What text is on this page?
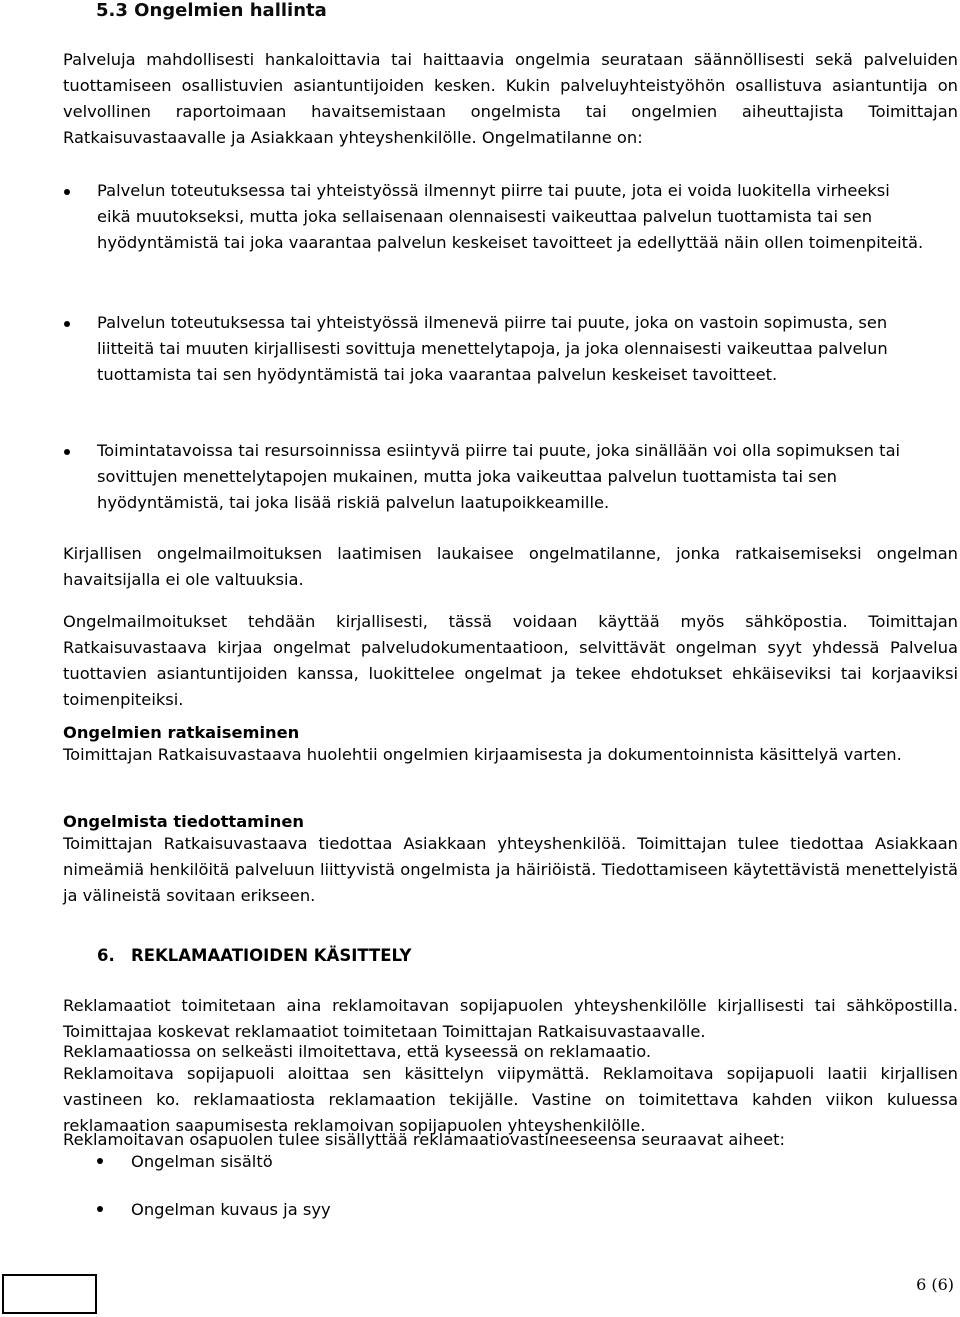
5.3 Ongelmien hallinta
Palveluja mahdollisesti hankaloittavia tai haittaavia ongelmia seurataan säännöllisesti sekä palveluiden tuottamiseen osallistuvien asiantuntijoiden kesken. Kukin palveluyhteistyöhön osallistuva asiantuntija on velvollinen raportoimaan havaitsemistaan ongelmista tai ongelmien aiheuttajista Toimittajan Ratkaisuvastaavalle ja Asiakkaan yhteyshenkilölle. Ongelmatilanne on:
Palvelun toteutuksessa tai yhteistyössä ilmennyt piirre tai puute, jota ei voida luokitella virheeksi eikä muutokseksi, mutta joka sellaisenaan olennaisesti vaikeuttaa palvelun tuottamista tai sen hyödyntämistä tai joka vaarantaa palvelun keskeiset tavoitteet ja edellyttää näin ollen toimenpiteitä.
Palvelun toteutuksessa tai yhteistyössä ilmenevä piirre tai puute, joka on vastoin sopimusta, sen liitteitä tai muuten kirjallisesti sovittuja menettelytapoja, ja joka olennaisesti vaikeuttaa palvelun tuottamista tai sen hyödyntämistä tai joka vaarantaa palvelun keskeiset tavoitteet.
Toimintatavoissa tai resursoinnissa esiintyvä piirre tai puute, joka sinällään voi olla sopimuksen tai sovittujen menettelytapojen mukainen, mutta joka vaikeuttaa palvelun tuottamista tai sen hyödyntämistä, tai joka lisää riskiä palvelun laatupoikkeamille.
Kirjallisen ongelmailmoituksen laatimisen laukaisee ongelmatilanne, jonka ratkaisemiseksi ongelman havaitsijalla ei ole valtuuksia.
Ongelmailmoitukset tehdään kirjallisesti, tässä voidaan käyttää myös sähköpostia. Toimittajan Ratkaisuvastaava kirjaa ongelmat palveludokumentaatioon, selvittävät ongelman syyt yhdessä Palvelua tuottavien asiantuntijoiden kanssa, luokittelee ongelmat ja tekee ehdotukset ehkäiseviksi tai korjaaviksi toimenpiteiksi.
Ongelmien ratkaiseminen
Toimittajan Ratkaisuvastaava huolehtii ongelmien kirjaamisesta ja dokumentoinnista käsittelyä varten.
Ongelmista tiedottaminen
Toimittajan Ratkaisuvastaava tiedottaa Asiakkaan yhteyshenkilöä. Toimittajan tulee tiedottaa Asiakkaan nimeämiä henkilöitä palveluun liittyvistä ongelmista ja häiriöistä. Tiedottamiseen käytettävistä menettelyistä ja välineistä sovitaan erikseen.
6. REKLAMAATIOIDEN KÄSITTELY
Reklamaatiot toimitetaan aina reklamoitavan sopijapuolen yhteyshenkilölle kirjallisesti tai sähköpostilla. Toimittajaa koskevat reklamaatiot toimitetaan Toimittajan Ratkaisuvastaavalle.
Reklamaatiossa on selkeästi ilmoitettava, että kyseessä on reklamaatio.
Reklamoitava sopijapuoli aloittaa sen käsittelyn viipymättä. Reklamoitava sopijapuoli laatii kirjallisen vastineen ko. reklamaatiosta reklamaation tekijälle. Vastine on toimitettava kahden viikon kuluessa reklamaation saapumisesta reklamoivan sopijapuolen yhteyshenkilölle.
Reklamoitavan osapuolen tulee sisällyttää reklamaatiovastineeseensa seuraavat aiheet:
Ongelman sisältö
Ongelman kuvaus ja syy
6 (6)
